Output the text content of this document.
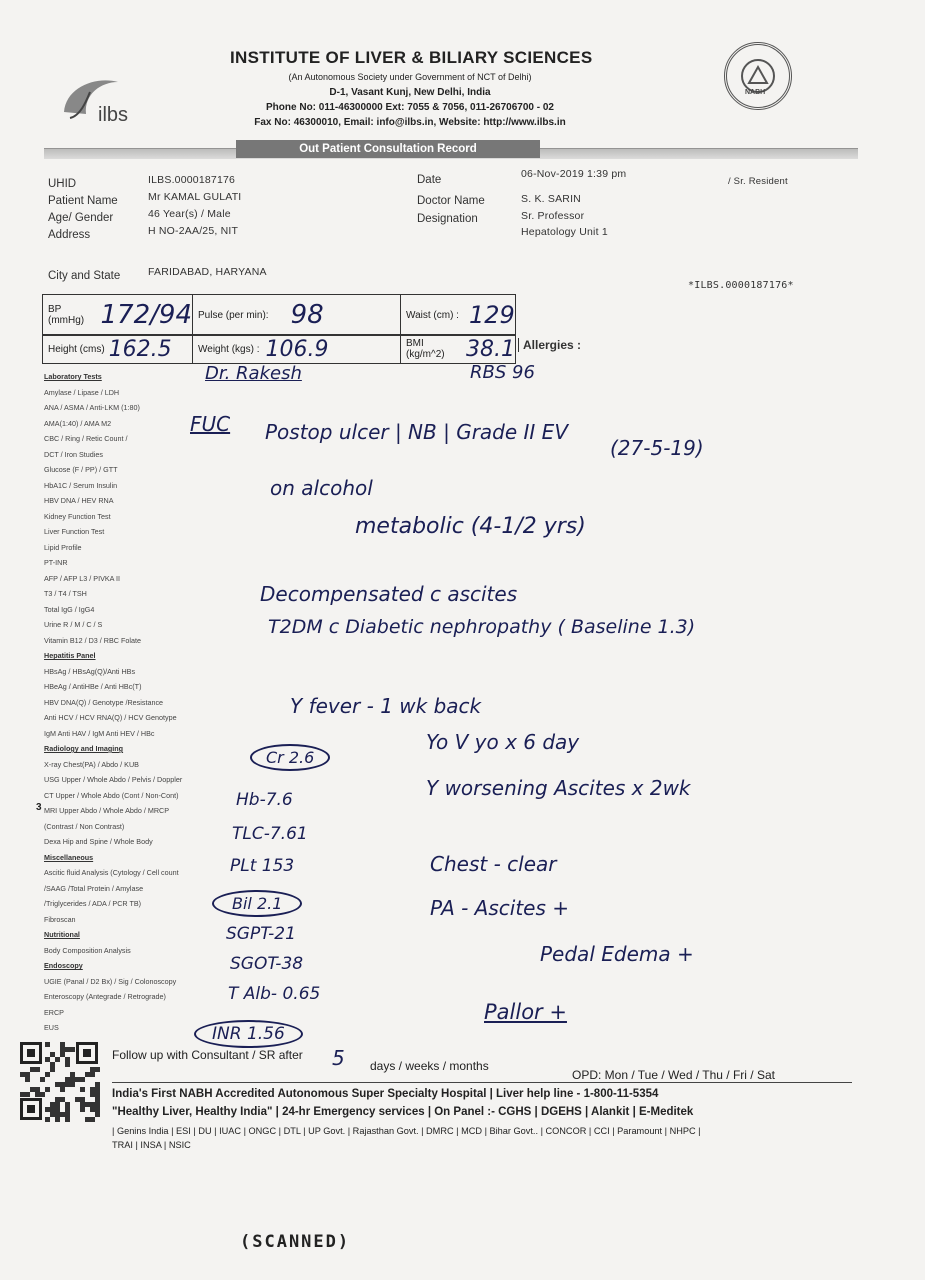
ilbs
INSTITUTE OF LIVER & BILIARY SCIENCES
(An Autonomous Society under Government of NCT of Delhi)
D-1, Vasant Kunj, New Delhi, India
Phone No: 011-46300000 Ext: 7055 & 7056, 011-26706700 - 02
Fax No: 46300010, Email: info@ilbs.in, Website: http://www.ilbs.in
NABH
Out Patient Consultation Record
UHID	ILBS.0000187176
Patient Name	Mr KAMAL GULATI
Age/ Gender	46 Year(s) / Male
Address	H NO-2AA/25, NIT
City and State	FARIDABAD, HARYANA
Date	06-Nov-2019 1:39 pm
Doctor Name	S. K. SARIN
Designation	Sr. Professor
Hepatology Unit 1
/ Sr. Resident
*ILBS.0000187176*
BP (mmHg) 172/94 Pulse (per min): 98	Waist (cm) : 129
Height (cms) 162.5	Weight (kgs) : 106.9	BMI (kg/m^2) 38.1 Allergies :
Laboratory Tests
Amylase / Lipase / LDH
ANA / ASMA / Anti-LKM (1:80)
AMA(1:40) / AMA M2
CBC / Ring / Retic Count /
DCT / Iron Studies
Glucose (F / PP) / GTT
HbA1C / Serum Insulin
HBV DNA / HEV RNA
Kidney Function Test
Liver Function Test
Lipid Profile
PT-INR
AFP / AFP L3 / PIVKA II
T3 / T4 / TSH
Total IgG / IgG4
Urine R / M / C / S
Vitamin B12 / D3 / RBC Folate
Hepatitis Panel
HBsAg / HBsAg(Q)/Anti HBs
HBeAg / AntiHBe / Anti HBc(T)
HBV DNA(Q) / Genotype /Resistance
Anti HCV / HCV RNA(Q) / HCV Genotype
IgM Anti HAV / IgM Anti HEV / HBc
Radiology and Imaging
X-ray Chest(PA) / Abdo / KUB
USG Upper / Whole Abdo / Pelvis / Doppler
CT Upper / Whole Abdo (Cont / Non-Cont)
MRI Upper Abdo / Whole Abdo / MRCP
(Contrast / Non Contrast)
Dexa Hip and Spine / Whole Body
Miscellaneous
Ascitic fluid Analysis (Cytology / Cell count
/SAAG /Total Protein / Amylase
/Triglycerides / ADA / PCR TB)
Fibroscan
Nutritional
Body Composition Analysis
Endoscopy
UGIE (Panal / D2 Bx) / Sig / Colonoscopy
Enteroscopy (Antegrade / Retrograde)
ERCP
EUS
3
Dr. Rakesh	RBS 96
FUC Postop ulcer | NB | Grade II EV
(27-5-19)
on alcohol
metabolic (4-1/2 yrs)
Decompensated c ascites
T2DM c Diabetic nephropathy ( Baseline 1.3)
Y fever - 1 wk back
Yo V yo x 6 day
Y worsening Ascites x 2wk
Cr 2.6
Hb-7.6
TLC-7.61
PLt 153
Bil 2.1
SGPT-21
SGOT-38
T Alb- 0.65
INR 1.56
Chest - clear
PA - Ascites +
Pedal Edema +
Pallor +
Follow up with Consultant / SR after 5 days / weeks / months
OPD: Mon / Tue / Wed / Thu / Fri / Sat
India's First NABH Accredited Autonomous Super Specialty Hospital | Liver help line - 1-800-11-5354
"Healthy Liver, Healthy India" | 24-hr Emergency services | On Panel :- CGHS | DGEHS | Alankit | E-Meditek
| Genins India | ESI | DU | IUAC | ONGC | DTL | UP Govt. | Rajasthan Govt. | DMRC | MCD | Bihar Govt.. | CONCOR | CCI | Paramount | NHPC |
TRAI | INSA | NSIC
(SCANNED)
